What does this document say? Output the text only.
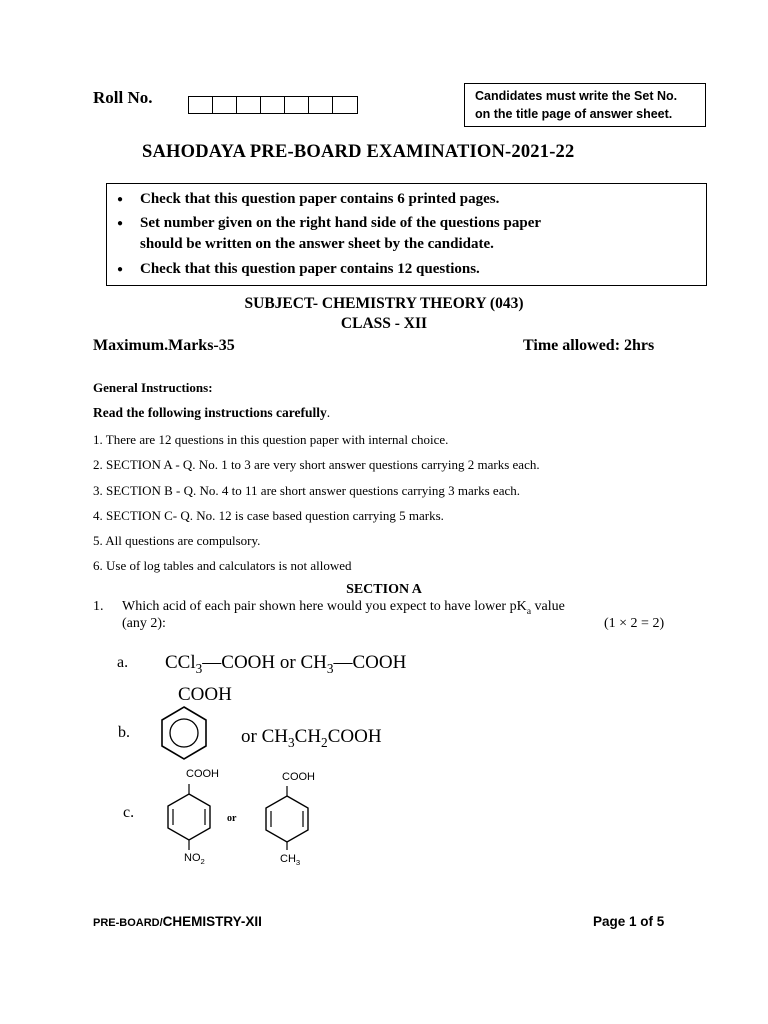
Roll No.	Candidates must write the Set No.
on the title page of answer sheet.
SAHODAYA PRE-BOARD EXAMINATION-2021-22
● Check that this question paper contains 6 printed pages.
● Set number given on the right hand side of the questions paper
should be written on the answer sheet by the candidate.
● Check that this question paper contains 12 questions.
SUBJECT- CHEMISTRY THEORY (043)
CLASS - XII
Maximum.Marks-35	Time allowed: 2hrs
General Instructions:
Read the following instructions carefully.
1. There are 12 questions in this question paper with internal choice.
2. SECTION A - Q. No. 1 to 3 are very short answer questions carrying 2 marks each.
3. SECTION B - Q. No. 4 to 11 are short answer questions carrying 3 marks each.
4. SECTION C- Q. No. 12 is case based question carrying 5 marks.
5. All questions are compulsory.
6. Use of log tables and calculators is not allowed
SECTION A
1. Which acid of each pair shown here would you expect to have lower $pK_a$ value
(any 2):	(1 × 2 = 2)
a. CCl$_3$—COOH or $CH_3—COOH$
b.
COOH
or $CH_3CH_2COOH$
c.
COOH
$NO_2$
or
COOH
$CH_3$
PRE-BOARD/CHEMISTRY-XII	Page 1 of 5
